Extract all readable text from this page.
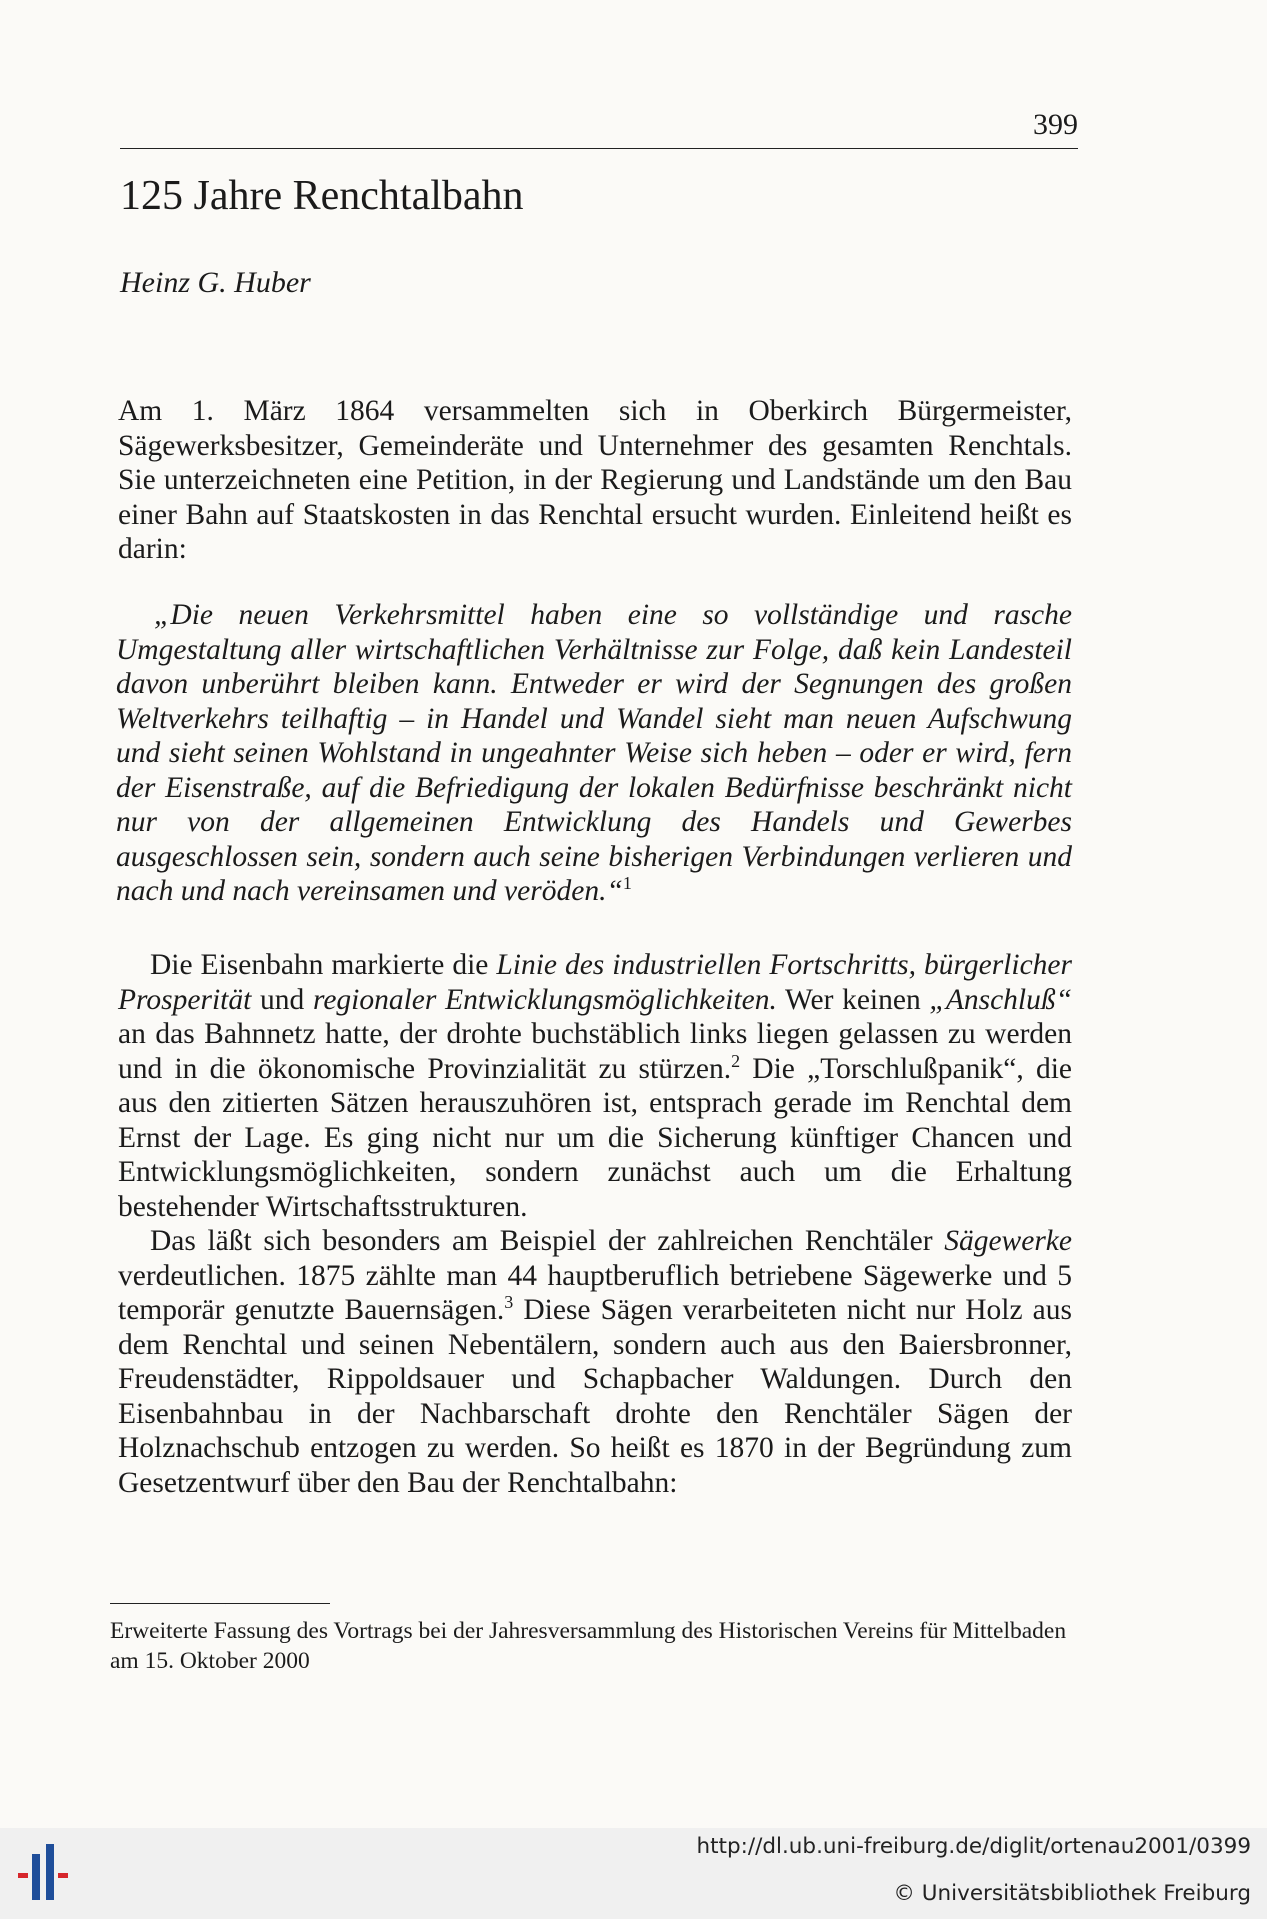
399
125 Jahre Renchtalbahn
Heinz G. Huber

Am 1. März 1864 versammelten sich in Oberkirch Bürgermeister, Sägewerksbesitzer, Gemeinderäte und Unternehmer des gesamten Renchtals. Sie unterzeichneten eine Petition, in der Regierung und Landstände um den Bau einer Bahn auf Staatskosten in das Renchtal ersucht wurden. Einleitend heißt es darin:

„Die neuen Verkehrsmittel haben eine so vollständige und rasche Umgestaltung aller wirtschaftlichen Verhältnisse zur Folge, daß kein Landesteil davon unberührt bleiben kann. Entweder er wird der Segnungen des großen Weltverkehrs teilhaftig – in Handel und Wandel sieht man neuen Aufschwung und sieht seinen Wohlstand in ungeahnter Weise sich heben – oder er wird, fern der Eisenstraße, auf die Befriedigung der lokalen Bedürfnisse beschränkt nicht nur von der allgemeinen Entwicklung des Handels und Gewerbes ausgeschlossen sein, sondern auch seine bisherigen Verbindungen verlieren und nach und nach vereinsamen und veröden.“$^1$

Die Eisenbahn markierte die Linie des industriellen Fortschritts, bürgerlicher Prosperität und regionaler Entwicklungsmöglichkeiten. Wer keinen „Anschluß“ an das Bahnnetz hatte, der drohte buchstäblich links liegen gelassen zu werden und in die ökonomische Provinzialität zu stürzen.$^2$ Die „Torschlußpanik“, die aus den zitierten Sätzen herauszuhören ist, entsprach gerade im Renchtal dem Ernst der Lage. Es ging nicht nur um die Sicherung künftiger Chancen und Entwicklungsmöglichkeiten, sondern zunächst auch um die Erhaltung bestehender Wirtschaftsstrukturen.

Das läßt sich besonders am Beispiel der zahlreichen Renchtäler Sägewerke verdeutlichen. 1875 zählte man 44 hauptberuflich betriebene Sägewerke und 5 temporär genutzte Bauernsägen.$^3$ Diese Sägen verarbeiteten nicht nur Holz aus dem Renchtal und seinen Nebentälern, sondern auch aus den Baiersbronner, Freudenstädter, Rippoldsauer und Schapbacher Waldungen. Durch den Eisenbahnbau in der Nachbarschaft drohte den Renchtäler Sägen der Holznachschub entzogen zu werden. So heißt es 1870 in der Begründung zum Gesetzentwurf über den Bau der Renchtalbahn:

Erweiterte Fassung des Vortrags bei der Jahresversammlung des Historischen Vereins für Mittelbaden am 15. Oktober 2000
http://dl.ub.uni-freiburg.de/diglit/ortenau2001/0399
© Universitätsbibliothek Freiburg
